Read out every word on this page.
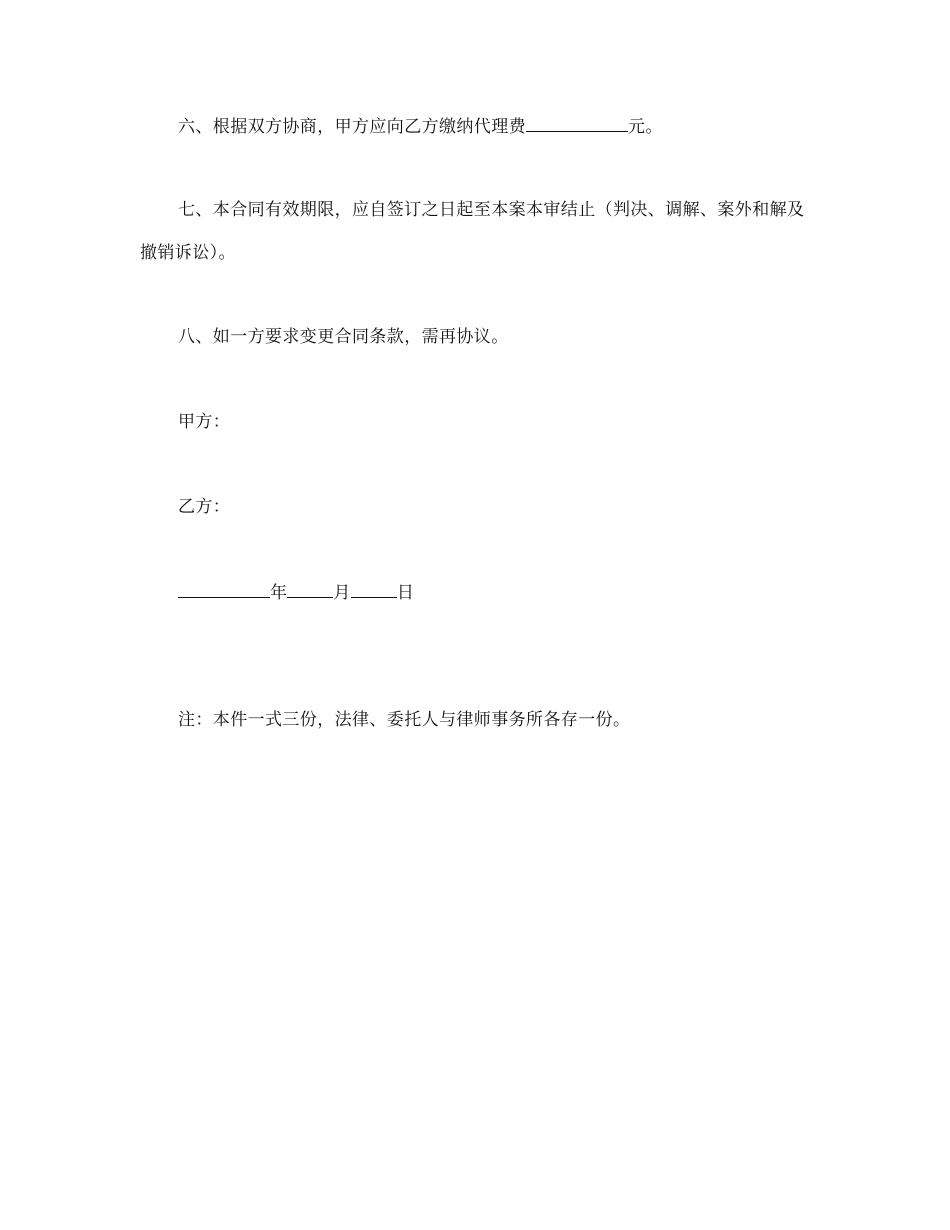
六、根据双方协商，甲方应向乙方缴纳代理费	元。
七、本合同有效期限，应自签订之日起至本案本审结止（判决、调解、案外和解及
撤销诉讼）。
八、如一方要求变更合同条款，需再协议。
甲方：
乙方：
年	月	日
注：本件一式三份，法律、委托人与律师事务所各存一份。
